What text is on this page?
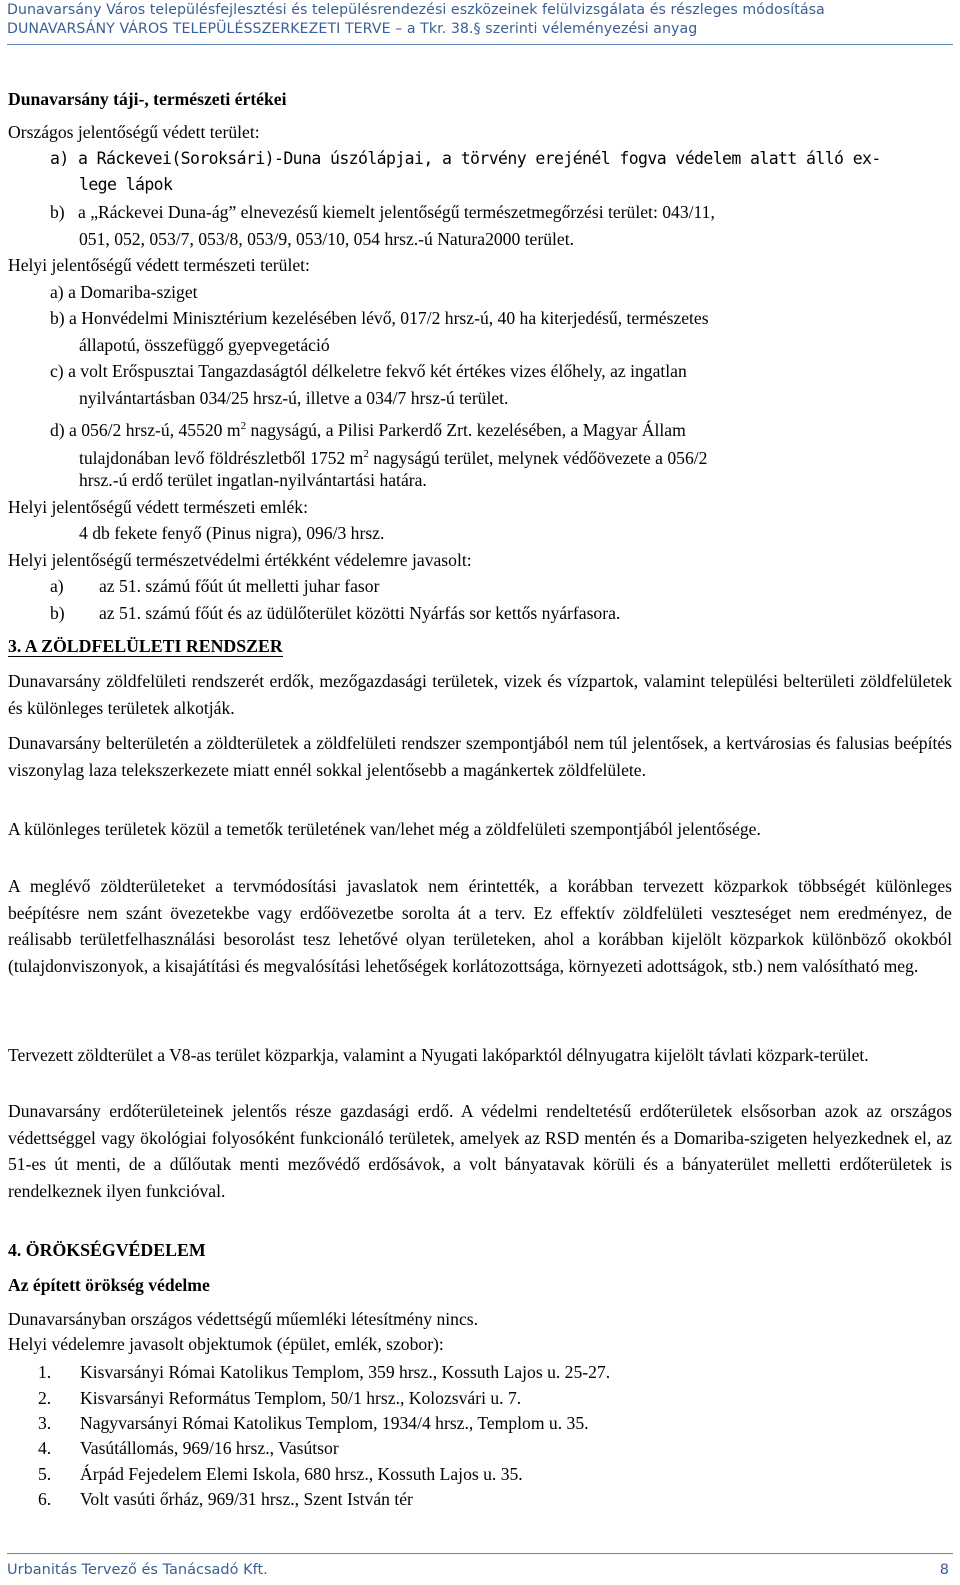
Dunavarsány Város településfejlesztési és településrendezési eszközeinek felülvizsgálata és részleges módosítása
DUNAVARSÁNY VÁROS TELEPÜLÉSSZERKEZETI TERVE – a Tkr. 38.§ szerinti véleményezési anyag

Dunavarsány táji-, természeti értékei

Országos jelentőségű védett terület:

a) a Ráckevei(Soroksári)-Duna úszólápjai, a törvény erejénél fogva védelem alatt álló ex-

lege lápok

b) a „Ráckevei Duna-ág” elnevezésű kiemelt jelentőségű természetmegőrzési terület: 043/11,

051, 052, 053/7, 053/8, 053/9, 053/10, 054 hrsz.-ú Natura2000 terület.

Helyi jelentőségű védett természeti terület:

a) a Domariba-sziget

b) a Honvédelmi Minisztérium kezelésében lévő, 017/2 hrsz-ú, 40 ha kiterjedésű, természetes

állapotú, összefüggő gyepvegetáció

c) a volt Erőspusztai Tangazdaságtól délkeletre fekvő két értékes vizes élőhely, az ingatlan

nyilvántartásban 034/25 hrsz-ú, illetve a 034/7 hrsz-ú terület.

d) a 056/2 hrsz-ú, 45520 $m^2$ nagyságú, a Pilisi Parkerdő Zrt. kezelésében, a Magyar Állam

tulajdonában levő földrészletből 1752 $m^2$ nagyságú terület, melynek védőövezete a 056/2

hrsz.-ú erdő terület ingatlan-nyilvántartási határa.

Helyi jelentőségű védett természeti emlék:

4 db fekete fenyő (Pinus nigra), 096/3 hrsz.

Helyi jelentőségű természetvédelmi értékként védelemre javasolt:

a) az 51. számú főút út melletti juhar fasor

b) az 51. számú főút és az üdülőterület közötti Nyárfás sor kettős nyárfasora.

3. A ZÖLDFELÜLETI RENDSZER

Dunavarsány zöldfelületi rendszerét erdők, mezőgazdasági területek, vizek és vízpartok, valamint települési belterületi zöldfelületek és különleges területek alkotják.

Dunavarsány belterületén a zöldterületek a zöldfelületi rendszer szempontjából nem túl jelentősek, a kertvárosias és falusias beépítés viszonylag laza telekszerkezete miatt ennél sokkal jelentősebb a magánkertek zöldfelülete.

A különleges területek közül a temetők területének van/lehet még a zöldfelületi szempontjából jelentősége.

A meglévő zöldterületeket a tervmódosítási javaslatok nem érintették, a korábban tervezett közparkok többségét különleges beépítésre nem szánt övezetekbe vagy erdőövezetbe sorolta át a terv. Ez effektív zöldfelületi veszteséget nem eredményez, de reálisabb területfelhasználási besorolást tesz lehetővé olyan területeken, ahol a korábban kijelölt közparkok különböző okokból (tulajdonviszonyok, a kisajátítási és megvalósítási lehetőségek korlátozottsága, környezeti adottságok, stb.) nem valósítható meg.

Tervezett zöldterület a V8-as terület közparkja, valamint a Nyugati lakóparktól délnyugatra kijelölt távlati közpark-terület.

Dunavarsány erdőterületeinek jelentős része gazdasági erdő. A védelmi rendeltetésű erdőterületek elsősorban azok az országos védettséggel vagy ökológiai folyosóként funkcionáló területek, amelyek az RSD mentén és a Domariba-szigeten helyezkednek el, az 51-es út menti, de a dűlőutak menti mezővédő erdősávok, a volt bányatavak körüli és a bányaterület melletti erdőterületek is rendelkeznek ilyen funkcióval.

4. ÖRÖKSÉGVÉDELEM

Az épített örökség védelme

Dunavarsányban országos védettségű műemléki létesítmény nincs.

Helyi védelemre javasolt objektumok (épület, emlék, szobor):

1. Kisvarsányi Római Katolikus Templom, 359 hrsz., Kossuth Lajos u. 25-27.

2. Kisvarsányi Református Templom, 50/1 hrsz., Kolozsvári u. 7.

3. Nagyvarsányi Római Katolikus Templom, 1934/4 hrsz., Templom u. 35.

4. Vasútállomás, 969/16 hrsz., Vasútsor

5. Árpád Fejedelem Elemi Iskola, 680 hrsz., Kossuth Lajos u. 35.

6. Volt vasúti őrház, 969/31 hrsz., Szent István tér

Urbanitás Tervező és Tanácsadó Kft.	8
